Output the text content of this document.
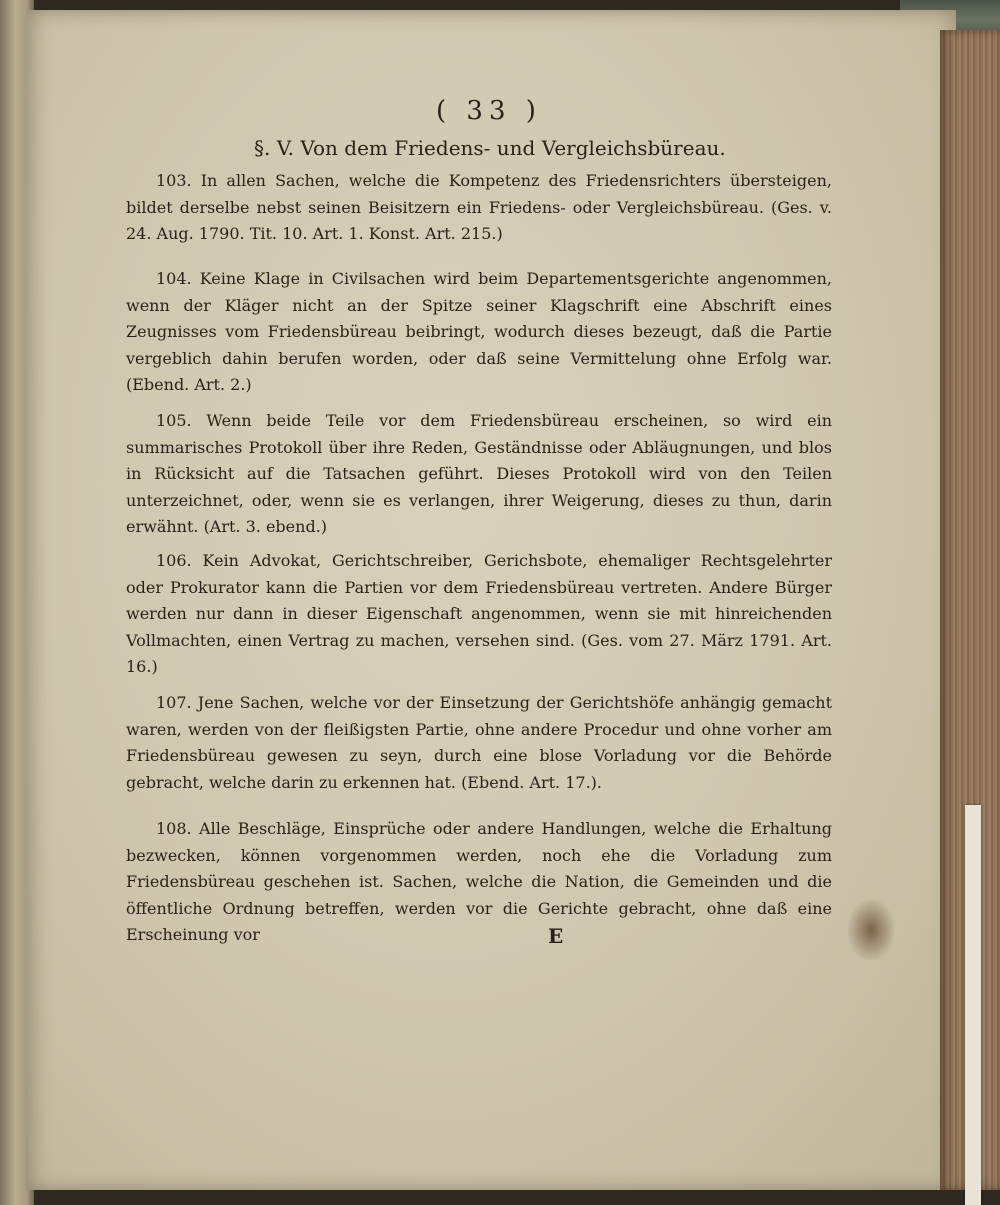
( 33 )

§. V. Von dem Friedens- und Vergleichsbüreau.

103. In allen Sachen, welche die Kompetenz des Friedensrichters übersteigen, bildet derselbe nebst seinen Beisitzern ein Friedens- oder Vergleichsbüreau. (Ges. v. 24. Aug. 1790. Tit. 10. Art. 1. Konst. Art. 215.)

104. Keine Klage in Civilsachen wird beim Departementsgerichte angenommen, wenn der Kläger nicht an der Spitze seiner Klagschrift eine Abschrift eines Zeugnisses vom Friedensbüreau beibringt, wodurch dieses bezeugt, daß die Partie vergeblich dahin berufen worden, oder daß seine Vermittelung ohne Erfolg war. (Ebend. Art. 2.)

105. Wenn beide Teile vor dem Friedensbüreau erscheinen, so wird ein summarisches Protokoll über ihre Reden, Geständnisse oder Abläugnungen, und blos in Rücksicht auf die Tatsachen geführt. Dieses Protokoll wird von den Teilen unterzeichnet, oder, wenn sie es verlangen, ihrer Weigerung, dieses zu thun, darin erwähnt. (Art. 3. ebend.)

106. Kein Advokat, Gerichtschreiber, Gerichsbote, ehemaliger Rechtsgelehrter oder Prokurator kann die Partien vor dem Friedensbüreau vertreten. Andere Bürger werden nur dann in dieser Eigenschaft angenommen, wenn sie mit hinreichenden Vollmachten, einen Vertrag zu machen, versehen sind. (Ges. vom 27. März 1791. Art. 16.)

107. Jene Sachen, welche vor der Einsetzung der Gerichtshöfe anhängig gemacht waren, werden von der fleißigsten Partie, ohne andere Procedur und ohne vorher am Friedensbüreau gewesen zu seyn, durch eine blose Vorladung vor die Behörde gebracht, welche darin zu erkennen hat. (Ebend. Art. 17.).

108. Alle Beschläge, Einsprüche oder andere Handlungen, welche die Erhaltung bezwecken, können vorgenommen werden, noch ehe die Vorladung zum Friedensbüreau geschehen ist. Sachen, welche die Nation, die Gemeinden und die öffentliche Ordnung betreffen, werden vor die Gerichte gebracht, ohne daß eine Erscheinung vor	E
